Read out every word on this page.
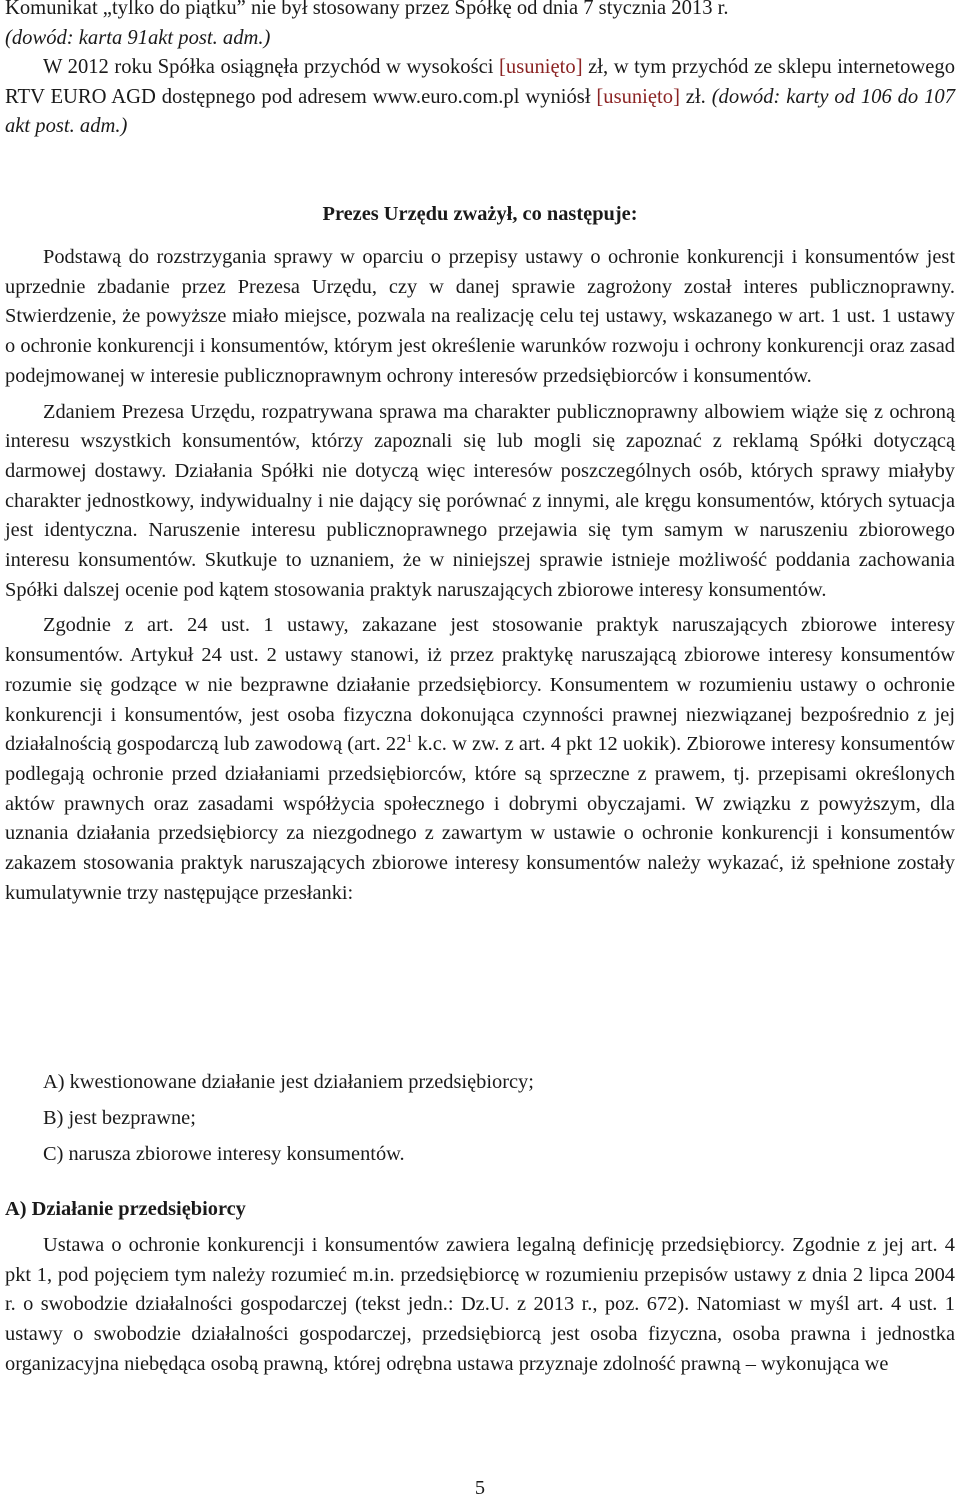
Komunikat „tylko do piątku” nie był stosowany przez Spółkę od dnia 7 stycznia 2013 r.

(dowód: karta 91akt post. adm.)

W 2012 roku Spółka osiągnęła przychód w wysokości [usunięto] zł, w tym przychód ze sklepu internetowego RTV EURO AGD dostępnego pod adresem www.euro.com.pl wyniósł [usunięto] zł. (dowód: karty od 106 do 107 akt post. adm.)

Prezes Urzędu zważył, co następuje:

Podstawą do rozstrzygania sprawy w oparciu o przepisy ustawy o ochronie konkurencji i konsumentów jest uprzednie zbadanie przez Prezesa Urzędu, czy w danej sprawie zagrożony został interes publicznoprawny. Stwierdzenie, że powyższe miało miejsce, pozwala na realizację celu tej ustawy, wskazanego w art. 1 ust. 1 ustawy o ochronie konkurencji i konsumentów, którym jest określenie warunków rozwoju i ochrony konkurencji oraz zasad podejmowanej w interesie publicznoprawnym ochrony interesów przedsiębiorców i konsumentów.

Zdaniem Prezesa Urzędu, rozpatrywana sprawa ma charakter publicznoprawny albowiem wiąże się z ochroną interesu wszystkich konsumentów, którzy zapoznali się lub mogli się zapoznać z reklamą Spółki dotyczącą darmowej dostawy. Działania Spółki nie dotyczą więc interesów poszczególnych osób, których sprawy miałyby charakter jednostkowy, indywidualny i nie dający się porównać z innymi, ale kręgu konsumentów, których sytuacja jest identyczna. Naruszenie interesu publicznoprawnego przejawia się tym samym w naruszeniu zbiorowego interesu konsumentów. Skutkuje to uznaniem, że w niniejszej sprawie istnieje możliwość poddania zachowania Spółki dalszej ocenie pod kątem stosowania praktyk naruszających zbiorowe interesy konsumentów.

Zgodnie z art. 24 ust. 1 ustawy, zakazane jest stosowanie praktyk naruszających zbiorowe interesy konsumentów. Artykuł 24 ust. 2 ustawy stanowi, iż przez praktykę naruszającą zbiorowe interesy konsumentów rozumie się godzące w nie bezprawne działanie przedsiębiorcy. Konsumentem w rozumieniu ustawy o ochronie konkurencji i konsumentów, jest osoba fizyczna dokonująca czynności prawnej niezwiązanej bezpośrednio z jej działalnością gospodarczą lub zawodową (art. $22^1$ k.c. w zw. z art. 4 pkt 12 uokik). Zbiorowe interesy konsumentów podlegają ochronie przed działaniami przedsiębiorców, które są sprzeczne z prawem, tj. przepisami określonych aktów prawnych oraz zasadami współżycia społecznego i dobrymi obyczajami. W związku z powyższym, dla uznania działania przedsiębiorcy za niezgodnego z zawartym w ustawie o ochronie konkurencji i konsumentów zakazem stosowania praktyk naruszających zbiorowe interesy konsumentów należy wykazać, iż spełnione zostały kumulatywnie trzy następujące przesłanki:

A) kwestionowane działanie jest działaniem przedsiębiorcy;

B) jest bezprawne;

C) narusza zbiorowe interesy konsumentów.

A) Działanie przedsiębiorcy

Ustawa o ochronie konkurencji i konsumentów zawiera legalną definicję przedsiębiorcy. Zgodnie z jej art. 4 pkt 1, pod pojęciem tym należy rozumieć m.in. przedsiębiorcę w rozumieniu przepisów ustawy z dnia 2 lipca 2004 r. o swobodzie działalności gospodarczej (tekst jedn.: Dz.U. z 2013 r., poz. 672). Natomiast w myśl art. 4 ust. 1 ustawy o swobodzie działalności gospodarczej, przedsiębiorcą jest osoba fizyczna, osoba prawna i jednostka organizacyjna niebędąca osobą prawną, której odrębna ustawa przyznaje zdolność prawną – wykonująca we

5
